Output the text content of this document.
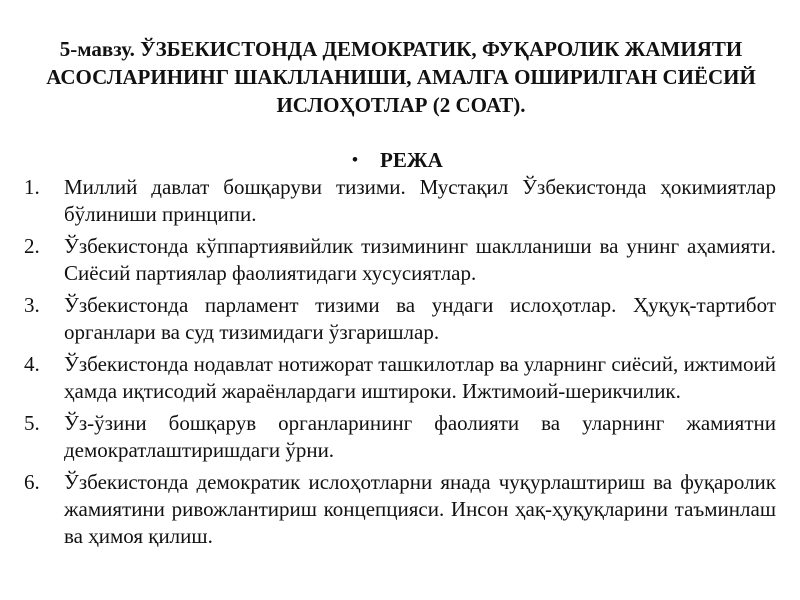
5-мавзу. ЎЗБЕКИСТОНДА ДЕМОКРАТИК, ФУҚАРОЛИК ЖАМИЯТИ
АСОСЛАРИНИНГ ШАКЛЛАНИШИ, АМАЛГА ОШИРИЛГАН СИЁСИЙ
ИСЛОҲОТЛАР (2 СОАТ).
•	РЕЖА
1.	Миллий давлат бошқаруви тизими. Мустақил Ўзбекистонда ҳокимиятлар бўлиниши принципи.
2.	Ўзбекистонда кўппартиявийлик тизимининг шаклланиши ва унинг аҳамияти. Сиёсий партиялар фаолиятидаги хусусиятлар.
3.	Ўзбекистонда парламент тизими ва ундаги ислоҳотлар. Ҳуқуқ-тартибот органлари ва суд тизимидаги ўзгаришлар.
4.	Ўзбекистонда нодавлат нотижорат ташкилотлар ва уларнинг сиёсий, ижтимоий ҳамда иқтисодий жараёнлардаги иштироки. Ижтимоий-шерикчилик.
5.	Ўз-ўзини бошқарув органларининг фаолияти ва уларнинг жамиятни демократлаштиришдаги ўрни.
6.	Ўзбекистонда демократик ислоҳотларни янада чуқурлаштириш ва фуқаролик жамиятини ривожлантириш концепцияси. Инсон ҳақ-ҳуқуқларини таъминлаш ва ҳимоя қилиш.
